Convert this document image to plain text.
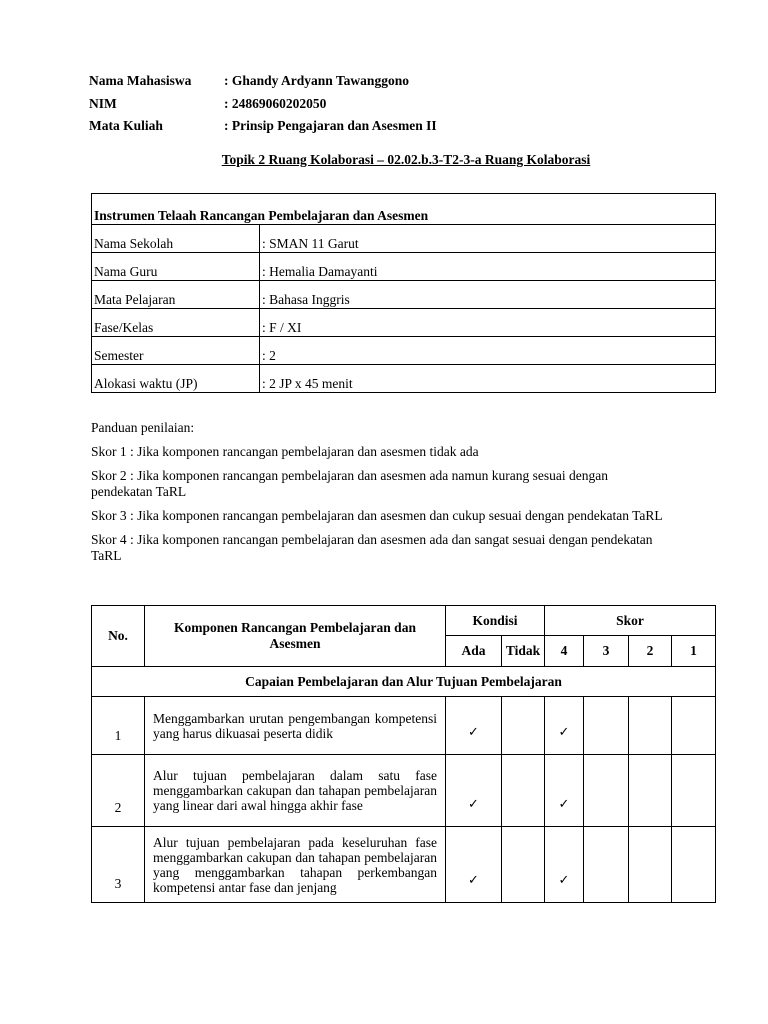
Nama Mahasiswa	: Ghandy Ardyann Tawanggono
NIM	: 24869060202050
Mata Kuliah	: Prinsip Pengajaran dan Asesmen II
Topik 2 Ruang Kolaborasi – 02.02.b.3-T2-3-a Ruang Kolaborasi
Instrumen Telaah Rancangan Pembelajaran dan Asesmen	
Nama Sekolah	: SMAN 11 Garut
Nama Guru	: Hemalia Damayanti
Mata Pelajaran	: Bahasa Inggris
Fase/Kelas	: F / XI
Semester	: 2
Alokasi waktu (JP)	: 2 JP x 45 menit

Panduan penilaian:

Skor 1 : Jika komponen rancangan pembelajaran dan asesmen tidak ada

Skor 2 : Jika komponen rancangan pembelajaran dan asesmen ada namun kurang sesuai dengan pendekatan TaRL

Skor 3 : Jika komponen rancangan pembelajaran dan asesmen dan cukup sesuai dengan pendekatan TaRL

Skor 4 : Jika komponen rancangan pembelajaran dan asesmen ada dan sangat sesuai dengan pendekatan TaRL

No.	Komponen Rancangan Pembelajaran dan Asesmen	Kondisi		Skor			
		Ada	Tidak	4	3	2	1
Capaian Pembelajaran dan Alur Tujuan Pembelajaran							
1	Menggambarkan urutan pengembangan kompetensi yang harus dikuasai peserta didik	✓		✓			
2	Alur tujuan pembelajaran dalam satu fase menggambarkan cakupan dan tahapan pembelajaran yang linear dari awal hingga akhir fase	✓		✓			
3	Alur tujuan pembelajaran pada keseluruhan fase menggambarkan cakupan dan tahapan pembelajaran yang menggambarkan tahapan perkembangan kompetensi antar fase dan jenjang	✓		✓			
